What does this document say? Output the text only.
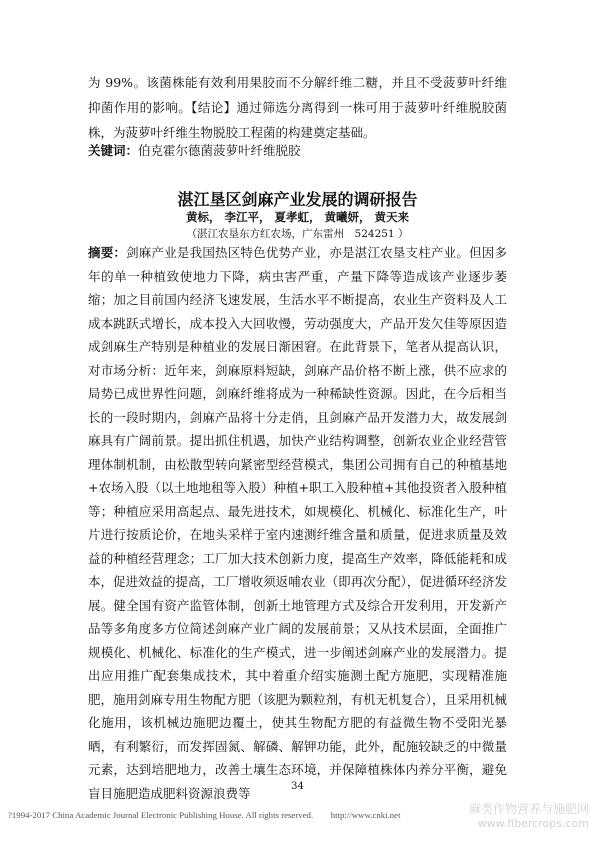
为 99%。该菌株能有效利用果胶而不分解纤维二糖，并且不受菠萝叶纤维抑菌作用的影响。【结论】通过筛选分离得到一株可用于菠萝叶纤维脱胶菌株，为菠萝叶纤维生物脱胶工程菌的构建奠定基础。

关键词：伯克霍尔德菌菠萝叶纤维脱胶

湛江垦区剑麻产业发展的调研报告

黄标， 李江平， 夏孝虹， 黄曦妍， 黄天来

（湛江农垦东方红农场，广东雷州　524251 ）

摘要：剑麻产业是我国热区特色优势产业，亦是湛江农垦支柱产业。但因多年的单一种植致使地力下降，病虫害严重，产量下降等造成该产业逐步萎缩；加之目前国内经济飞速发展，生活水平不断提高，农业生产资料及人工成本跳跃式增长，成本投入大回收慢，劳动强度大，产品开发欠佳等原因造成剑麻生产特别是种植业的发展日渐困窘。在此背景下，笔者从提高认识，对市场分析：近年来，剑麻原料短缺，剑麻产品价格不断上涨，供不应求的局势已成世界性问题，剑麻纤维将成为一种稀缺性资源。因此，在今后相当长的一段时期内，剑麻产品将十分走俏，且剑麻产品开发潜力大，故发展剑麻具有广阔前景。提出抓住机遇，加快产业结构调整，创新农业企业经营管理体制机制，由松散型转向紧密型经营模式，集团公司拥有自己的种植基地+农场入股（以土地地租等入股）种植+职工入股种植+其他投资者入股种植等；种植应采用高起点、最先进技术，如规模化、机械化、标准化生产，叶片进行按质论价，在地头采样于室内速测纤维含量和质量，促进求质量及效益的种植经营理念；工厂加大技术创新力度，提高生产效率，降低能耗和成本，促进效益的提高，工厂增收须返哺农业（即再次分配），促进循环经济发展。健全国有资产监管体制，创新土地管理方式及综合开发利用，开发新产品等多角度多方位简述剑麻产业广阔的发展前景；又从技术层面，全面推广规模化、机械化、标准化的生产模式，进一步阐述剑麻产业的发展潜力。提出应用推广配套集成技术，其中着重介绍实施测土配方施肥，实现精准施肥，施用剑麻专用生物配方肥（该肥为颗粒剂，有机无机复合），且采用机械化施用，该机械边施肥边覆土，使其生物配方肥的有益微生物不受阳光暴晒，有利繁衍，而发挥固氮、解磷、解钾功能，此外，配施较缺乏的中微量元素，达到培肥地力，改善土壤生态环境，并保障植株体内养分平衡，避免盲目施肥造成肥料资源浪费等	34

?1994-2017 China Academic Journal Electronic Publishing House. All rights reserved.　　http://www.cnki.net	麻类作物营养与施肥网
www.fibercrops.com
